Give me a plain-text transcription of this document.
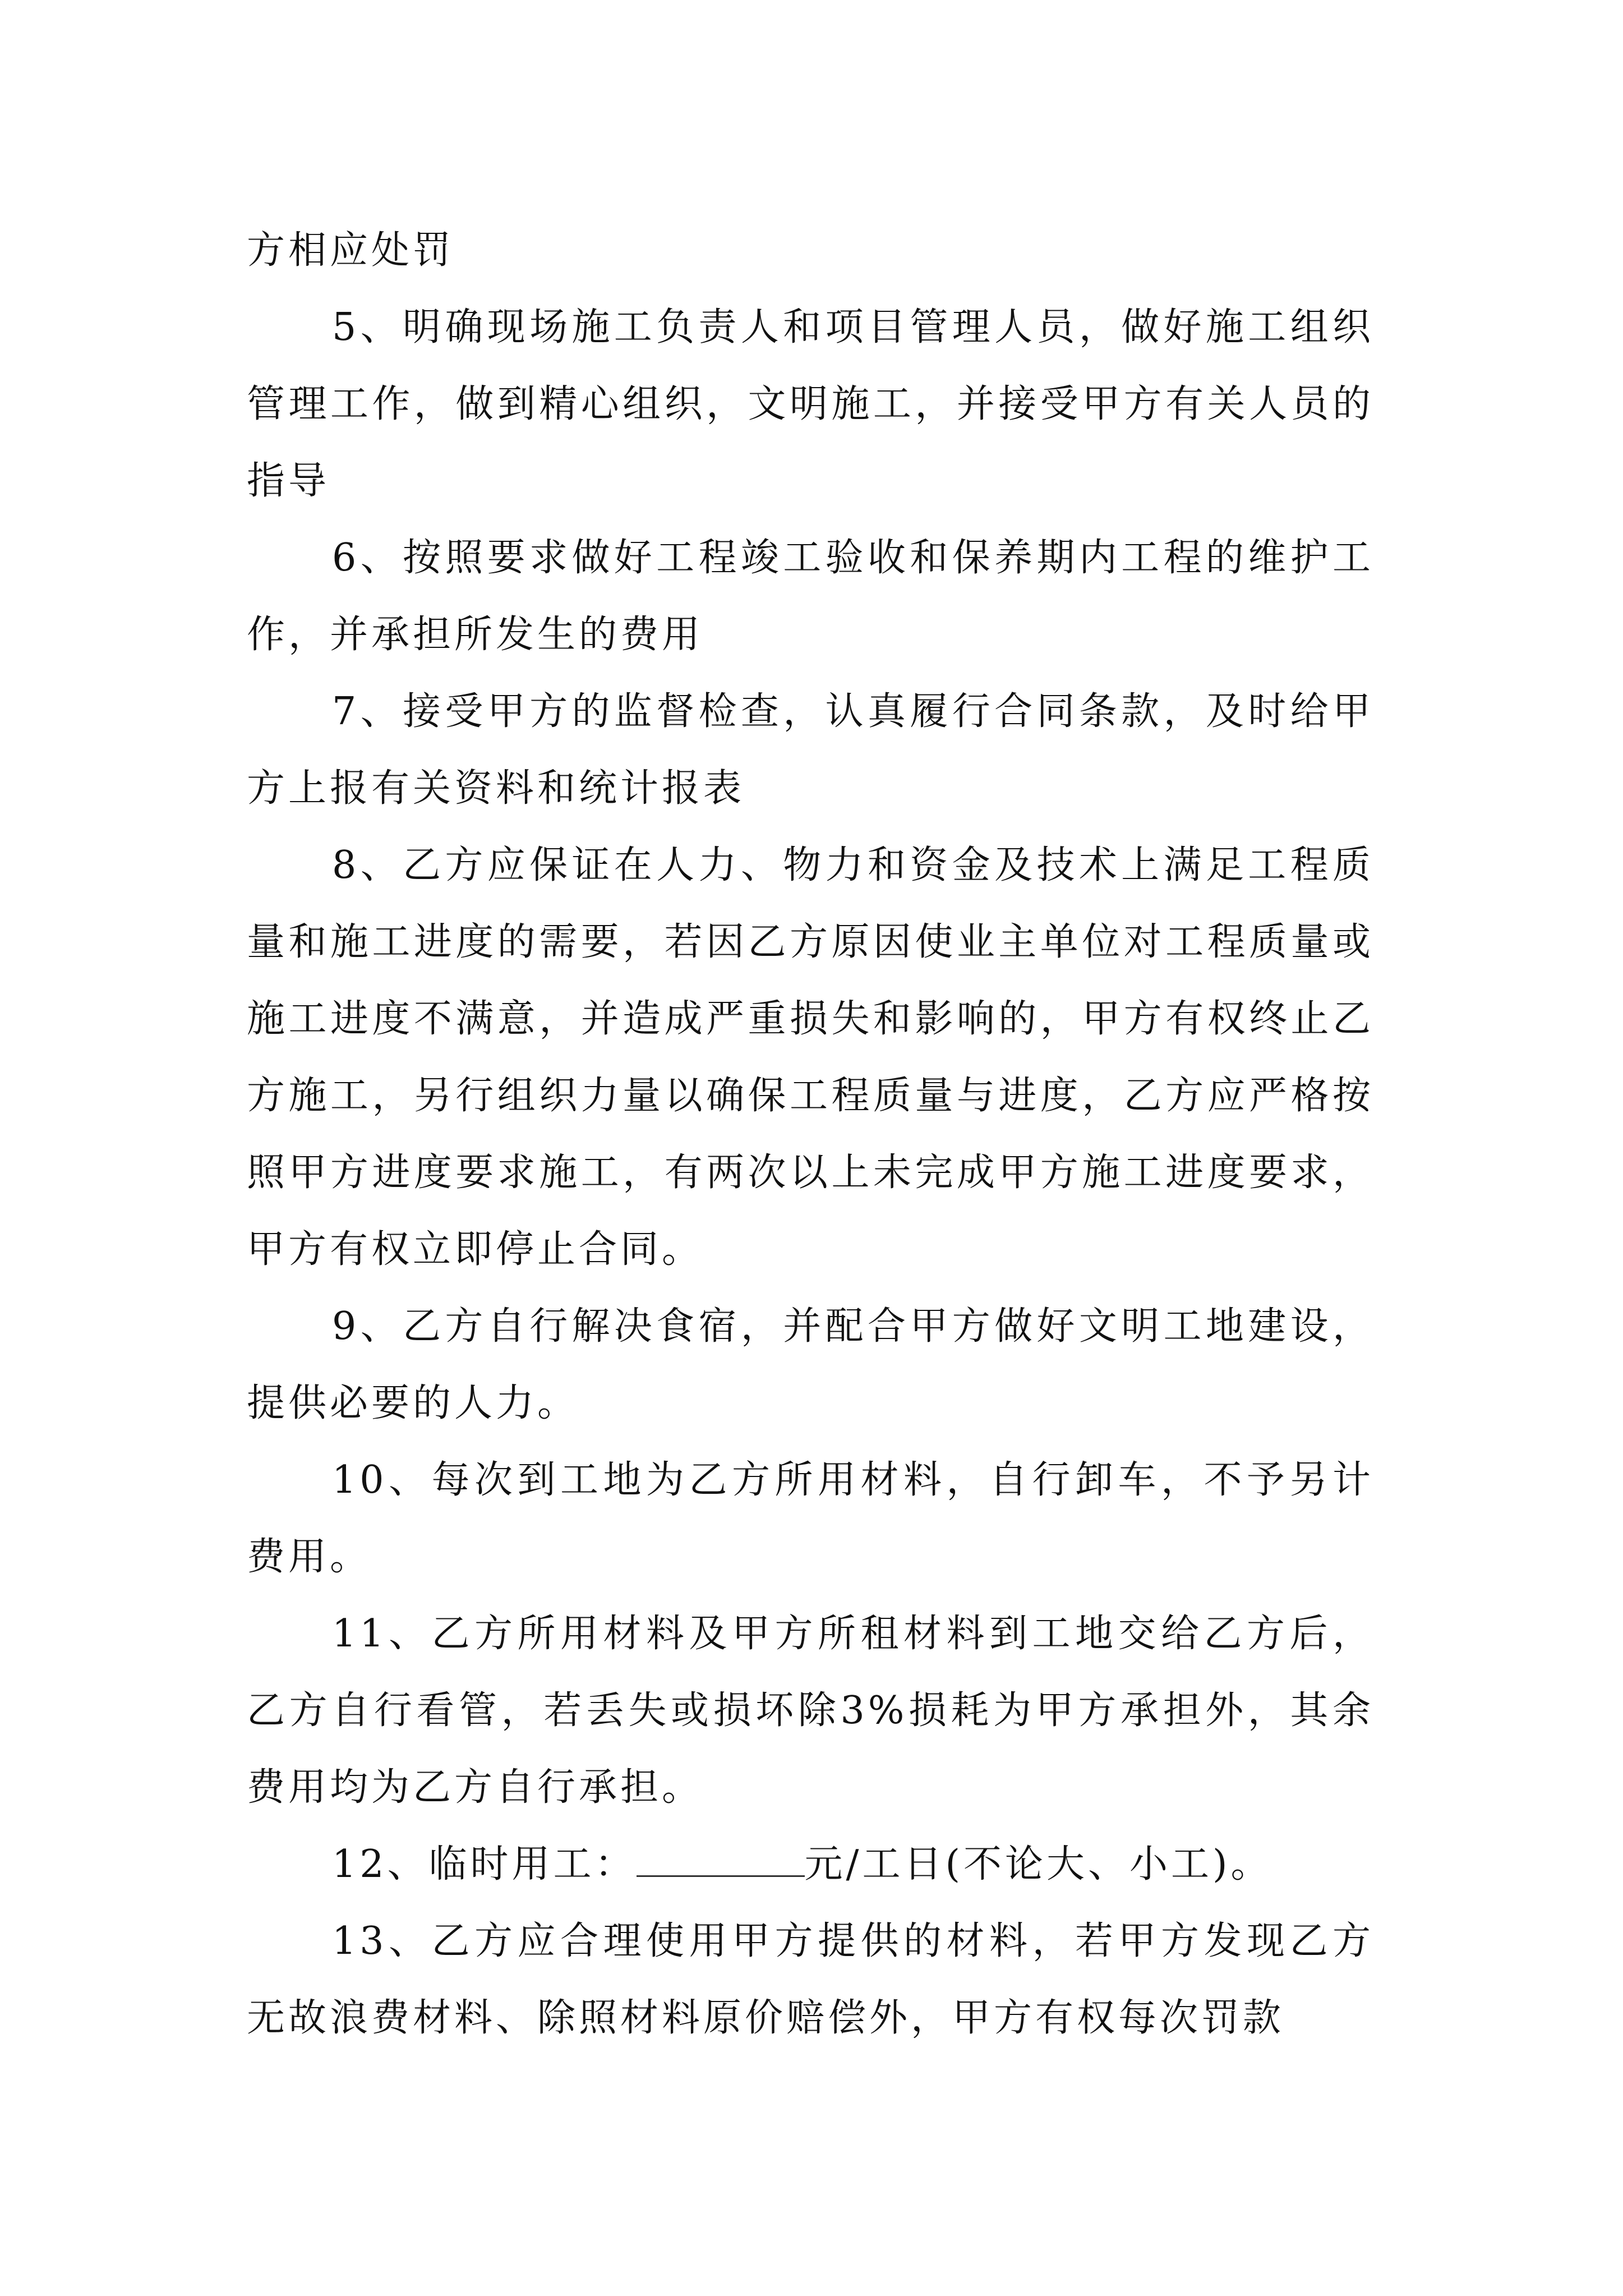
方相应处罚

5、明确现场施工负责人和项目管理人员，做好施工组织管理工作，做到精心组织，文明施工，并接受甲方有关人员的指导

6、按照要求做好工程竣工验收和保养期内工程的维护工作，并承担所发生的费用

7、接受甲方的监督检查，认真履行合同条款，及时给甲方上报有关资料和统计报表

8、乙方应保证在人力、物力和资金及技术上满足工程质量和施工进度的需要，若因乙方原因使业主单位对工程质量或施工进度不满意，并造成严重损失和影响的，甲方有权终止乙方施工，另行组织力量以确保工程质量与进度，乙方应严格按照甲方进度要求施工，有两次以上未完成甲方施工进度要求，甲方有权立即停止合同。

9、乙方自行解决食宿，并配合甲方做好文明工地建设，提供必要的人力。

10、每次到工地为乙方所用材料，自行卸车，不予另计费用。

11、乙方所用材料及甲方所租材料到工地交给乙方后，乙方自行看管，若丢失或损坏除3%损耗为甲方承担外，其余费用均为乙方自行承担。

12、临时用工：	元/工日(不论大、小工)。

13、乙方应合理使用甲方提供的材料，若甲方发现乙方无故浪费材料、除照材料原价赔偿外，甲方有权每次罚款
